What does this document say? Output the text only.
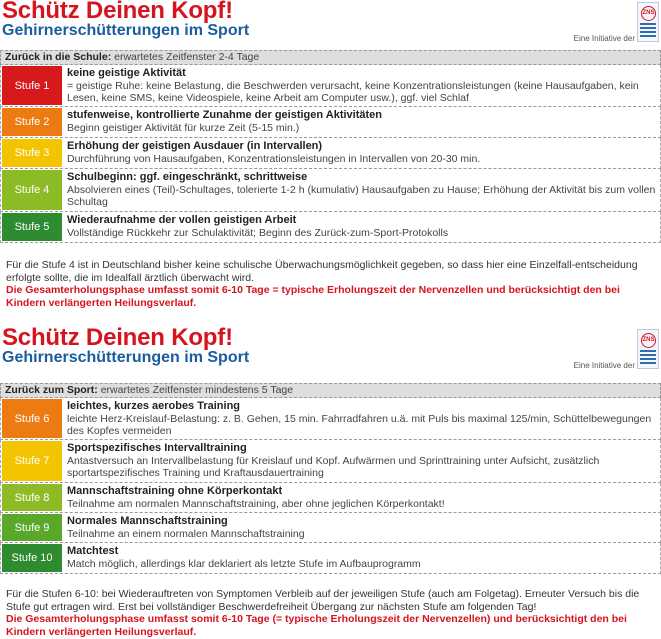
Schütz Deinen Kopf!
Gehirnerschütterungen im Sport	Eine Initiative der
ZNS
Zurück in die Schule: erwartetes Zeitfenster 2-4 Tage
Stufe 1
keine geistige Aktivität
= geistige Ruhe: keine Belastung, die Beschwerden verursacht, keine Konzentrationsleistungen (keine Hausaufgaben, kein Lesen, keine SMS, keine Videospiele, keine Arbeit am Computer usw.), ggf. viel Schlaf
Stufe 2
stufenweise, kontrollierte Zunahme der geistigen Aktivitäten
Beginn geistiger Aktivität für kurze Zeit (5-15 min.)
Stufe 3
Erhöhung der geistigen Ausdauer (in Intervallen)
Durchführung von Hausaufgaben, Konzentrationsleistungen in Intervallen von 20-30 min.
Stufe 4
Schulbeginn: ggf. eingeschränkt, schrittweise
Absolvieren eines (Teil)-Schultages, tolerierte 1-2 h (kumulativ) Hausaufgaben zu Hause; Erhöhung der Aktivität bis zum vollen Schultag
Stufe 5
Wiederaufnahme der vollen geistigen Arbeit
Vollständige Rückkehr zur Schulaktivität; Beginn des Zurück-zum-Sport-Protokolls
Für die Stufe 4 ist in Deutschland bisher keine schulische Überwachungsmöglichkeit gegeben, so dass hier eine Einzelfall-entscheidung erfolgte sollte, die im Idealfall ärztlich überwacht wird.
Die Gesamterholungsphase umfasst somit 6-10 Tage = typische Erholungszeit der Nervenzellen und berücksichtigt den bei Kindern verlängerten Heilungsverlauf.
Schütz Deinen Kopf!
Gehirnerschütterungen im Sport	Eine Initiative der
ZNS
Zurück zum Sport: erwartetes Zeitfenster mindestens 5 Tage
Stufe 6
leichtes, kurzes aerobes Training
leichte Herz-Kreislauf-Belastung: z. B. Gehen, 15 min. Fahrradfahren u.ä. mit Puls bis maximal 125/min, Schüttelbewegungen des Kopfes vermeiden
Stufe 7
Sportspezifisches Intervalltraining
Antastversuch an Intervallbelastung für Kreislauf und Kopf. Aufwärmen und Sprinttraining unter Aufsicht, zusätzlich sportartspezifisches Training und Kraftausdauertraining
Stufe 8
Mannschaftstraining ohne Körperkontakt
Teilnahme am normalen Mannschaftstraining, aber ohne jeglichen Körperkontakt!
Stufe 9
Normales Mannschaftstraining
Teilnahme an einem normalen Mannschaftstraining
Stufe 10
Matchtest
Match möglich, allerdings klar deklariert als letzte Stufe im Aufbauprogramm
Für die Stufen 6-10: bei Wiederauftreten von Symptomen Verbleib auf der jeweiligen Stufe (auch am Folgetag). Erneuter Versuch bis die Stufe gut ertragen wird. Erst bei vollständiger Beschwerdefreiheit Übergang zur nächsten Stufe am folgenden Tag!
Die Gesamterholungsphase umfasst somit 6-10 Tage (= typische Erholungszeit der Nervenzellen) und berücksichtigt den bei Kindern verlängerten Heilungsverlauf.
